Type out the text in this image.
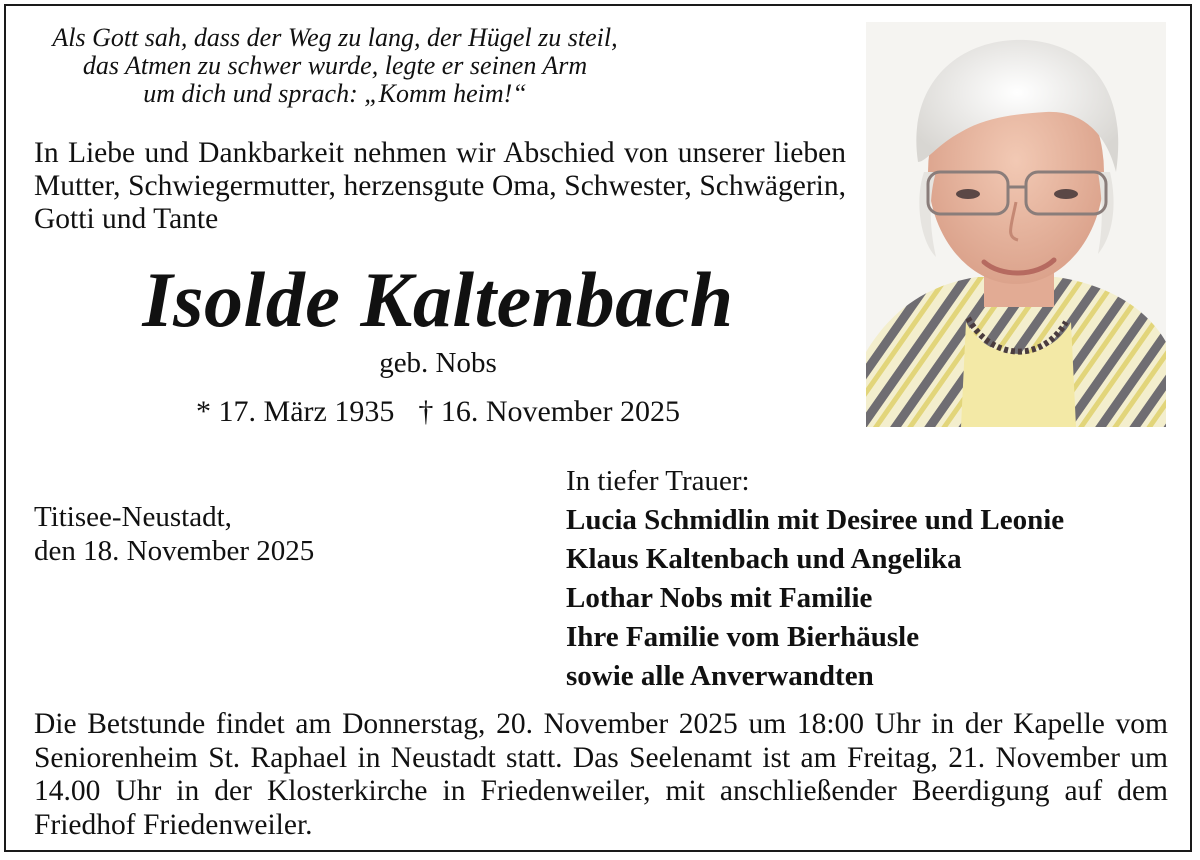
Als Gott sah, dass der Weg zu lang, der Hügel zu steil,
das Atmen zu schwer wurde, legte er seinen Arm
um dich und sprach: „Komm heim!“
In Liebe und Dankbarkeit nehmen wir Abschied von unserer lieben Mutter, Schwiegermutter, herzensgute Oma, Schwester, Schwägerin, Gotti und Tante
Isolde Kaltenbach
geb. Nobs
* 17. März 1935 † 16. November 2025
Titisee-Neustadt,
den 18. November 2025
In tiefer Trauer:
Lucia Schmidlin mit Desiree und Leonie
Klaus Kaltenbach und Angelika
Lothar Nobs mit Familie
Ihre Familie vom Bierhäusle
sowie alle Anverwandten
Die Betstunde findet am Donnerstag, 20. November 2025 um 18:00 Uhr in der Kapelle vom Seniorenheim St. Raphael in Neustadt statt. Das Seelenamt ist am Freitag, 21. November um 14.00 Uhr in der Klosterkirche in Friedenweiler, mit anschließender Beerdigung auf dem Friedhof Friedenweiler.
